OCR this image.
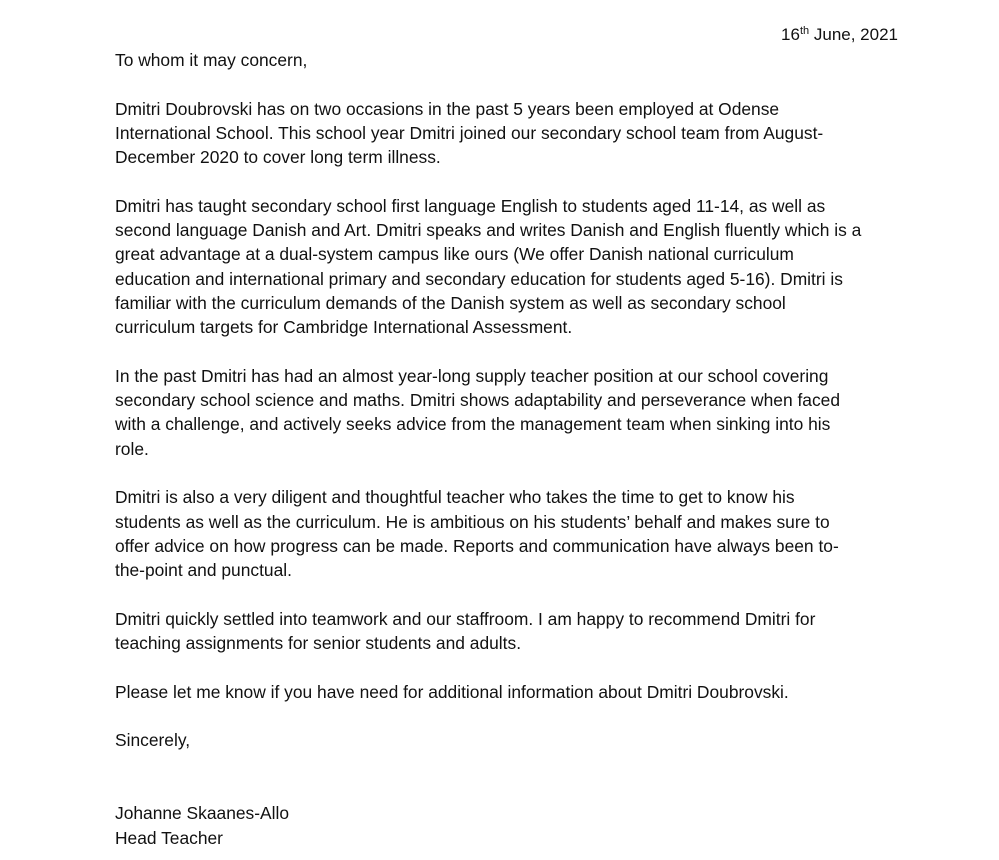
16th June, 2021

To whom it may concern,

Dmitri Doubrovski has on two occasions in the past 5 years been employed at Odense
International School. This school year Dmitri joined our secondary school team from August-
December 2020 to cover long term illness.

Dmitri has taught secondary school first language English to students aged 11-14, as well as
second language Danish and Art. Dmitri speaks and writes Danish and English fluently which is a
great advantage at a dual-system campus like ours (We offer Danish national curriculum
education and international primary and secondary education for students aged 5-16). Dmitri is
familiar with the curriculum demands of the Danish system as well as secondary school
curriculum targets for Cambridge International Assessment.

In the past Dmitri has had an almost year-long supply teacher position at our school covering
secondary school science and maths. Dmitri shows adaptability and perseverance when faced
with a challenge, and actively seeks advice from the management team when sinking into his
role.

Dmitri is also a very diligent and thoughtful teacher who takes the time to get to know his
students as well as the curriculum. He is ambitious on his students’ behalf and makes sure to
offer advice on how progress can be made. Reports and communication have always been to-
the-point and punctual.

Dmitri quickly settled into teamwork and our staffroom. I am happy to recommend Dmitri for
teaching assignments for senior students and adults.

Please let me know if you have need for additional information about Dmitri Doubrovski.

Sincerely,

Johanne Skaanes-Allo

Head Teacher
